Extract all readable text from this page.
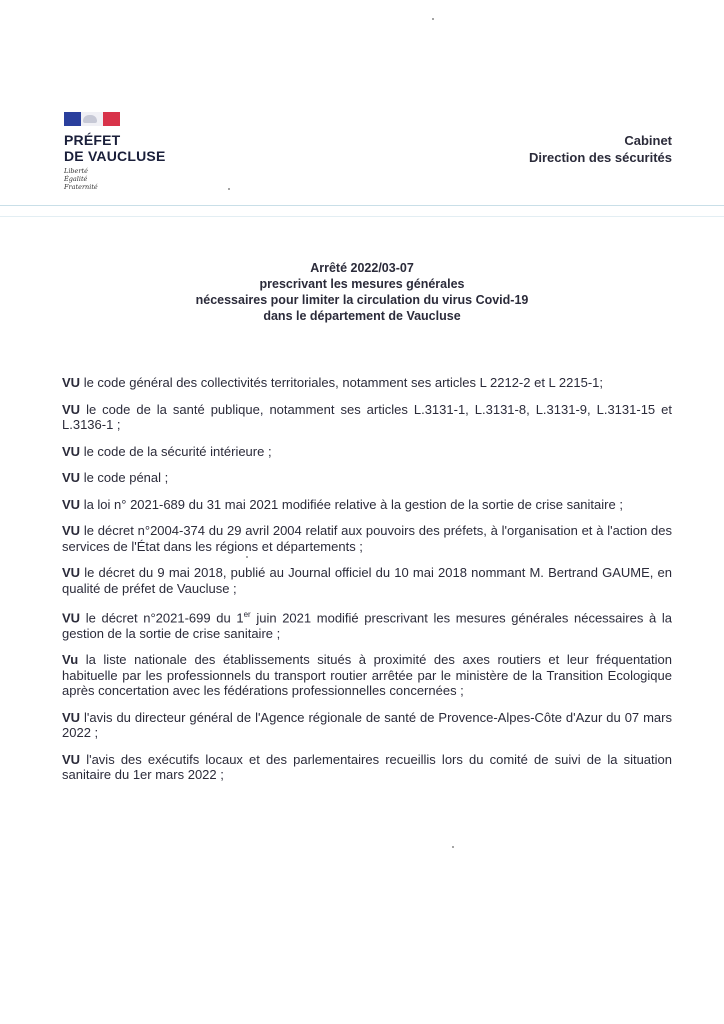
PRÉFET
DE VAUCLUSE
Liberté
Égalité
Fraternité
Cabinet
Direction des sécurités
Arrêté 2022/03-07
prescrivant les mesures générales
nécessaires pour limiter la circulation du virus Covid-19
dans le département de Vaucluse

VU le code général des collectivités territoriales, notamment ses articles L 2212-2 et L 2215-1;

VU le code de la santé publique, notamment ses articles L.3131-1, L.3131-8, L.3131-9, L.3131-15 et L.3136-1 ;

VU le code de la sécurité intérieure ;

VU le code pénal ;

VU la loi n° 2021-689 du 31 mai 2021 modifiée relative à la gestion de la sortie de crise sanitaire ;

VU le décret n°2004-374 du 29 avril 2004 relatif aux pouvoirs des préfets, à l'organisation et à l'action des services de l'État dans les régions et départements ;

VU le décret du 9 mai 2018, publié au Journal officiel du 10 mai 2018 nommant M. Bertrand GAUME, en qualité de préfet de Vaucluse ;

VU le décret n°2021-699 du 1er juin 2021 modifié prescrivant les mesures générales nécessaires à la gestion de la sortie de crise sanitaire ;

Vu la liste nationale des établissements situés à proximité des axes routiers et leur fréquentation habituelle par les professionnels du transport routier arrêtée par le ministère de la Transition Ecologique après concertation avec les fédérations professionnelles concernées ;

VU l'avis du directeur général de l'Agence régionale de santé de Provence-Alpes-Côte d'Azur du 07 mars 2022 ;

VU l'avis des exécutifs locaux et des parlementaires recueillis lors du comité de suivi de la situation sanitaire du 1er mars 2022 ;
